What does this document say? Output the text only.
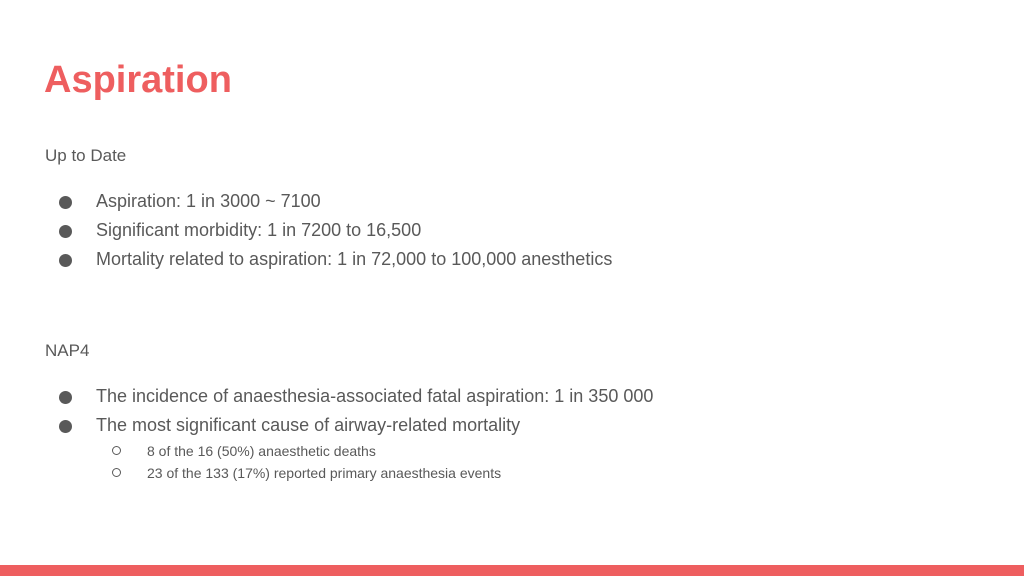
Aspiration

Up to Date

Aspiration: 1 in 3000 ~ 7100
Significant morbidity: 1 in 7200 to 16,500
Mortality related to aspiration: 1 in 72,000 to 100,000 anesthetics

NAP4

The incidence of anaesthesia-associated fatal aspiration: 1 in 350 000
The most significant cause of airway-related mortality
8 of the 16 (50%) anaesthetic deaths
23 of the 133 (17%) reported primary anaesthesia events
